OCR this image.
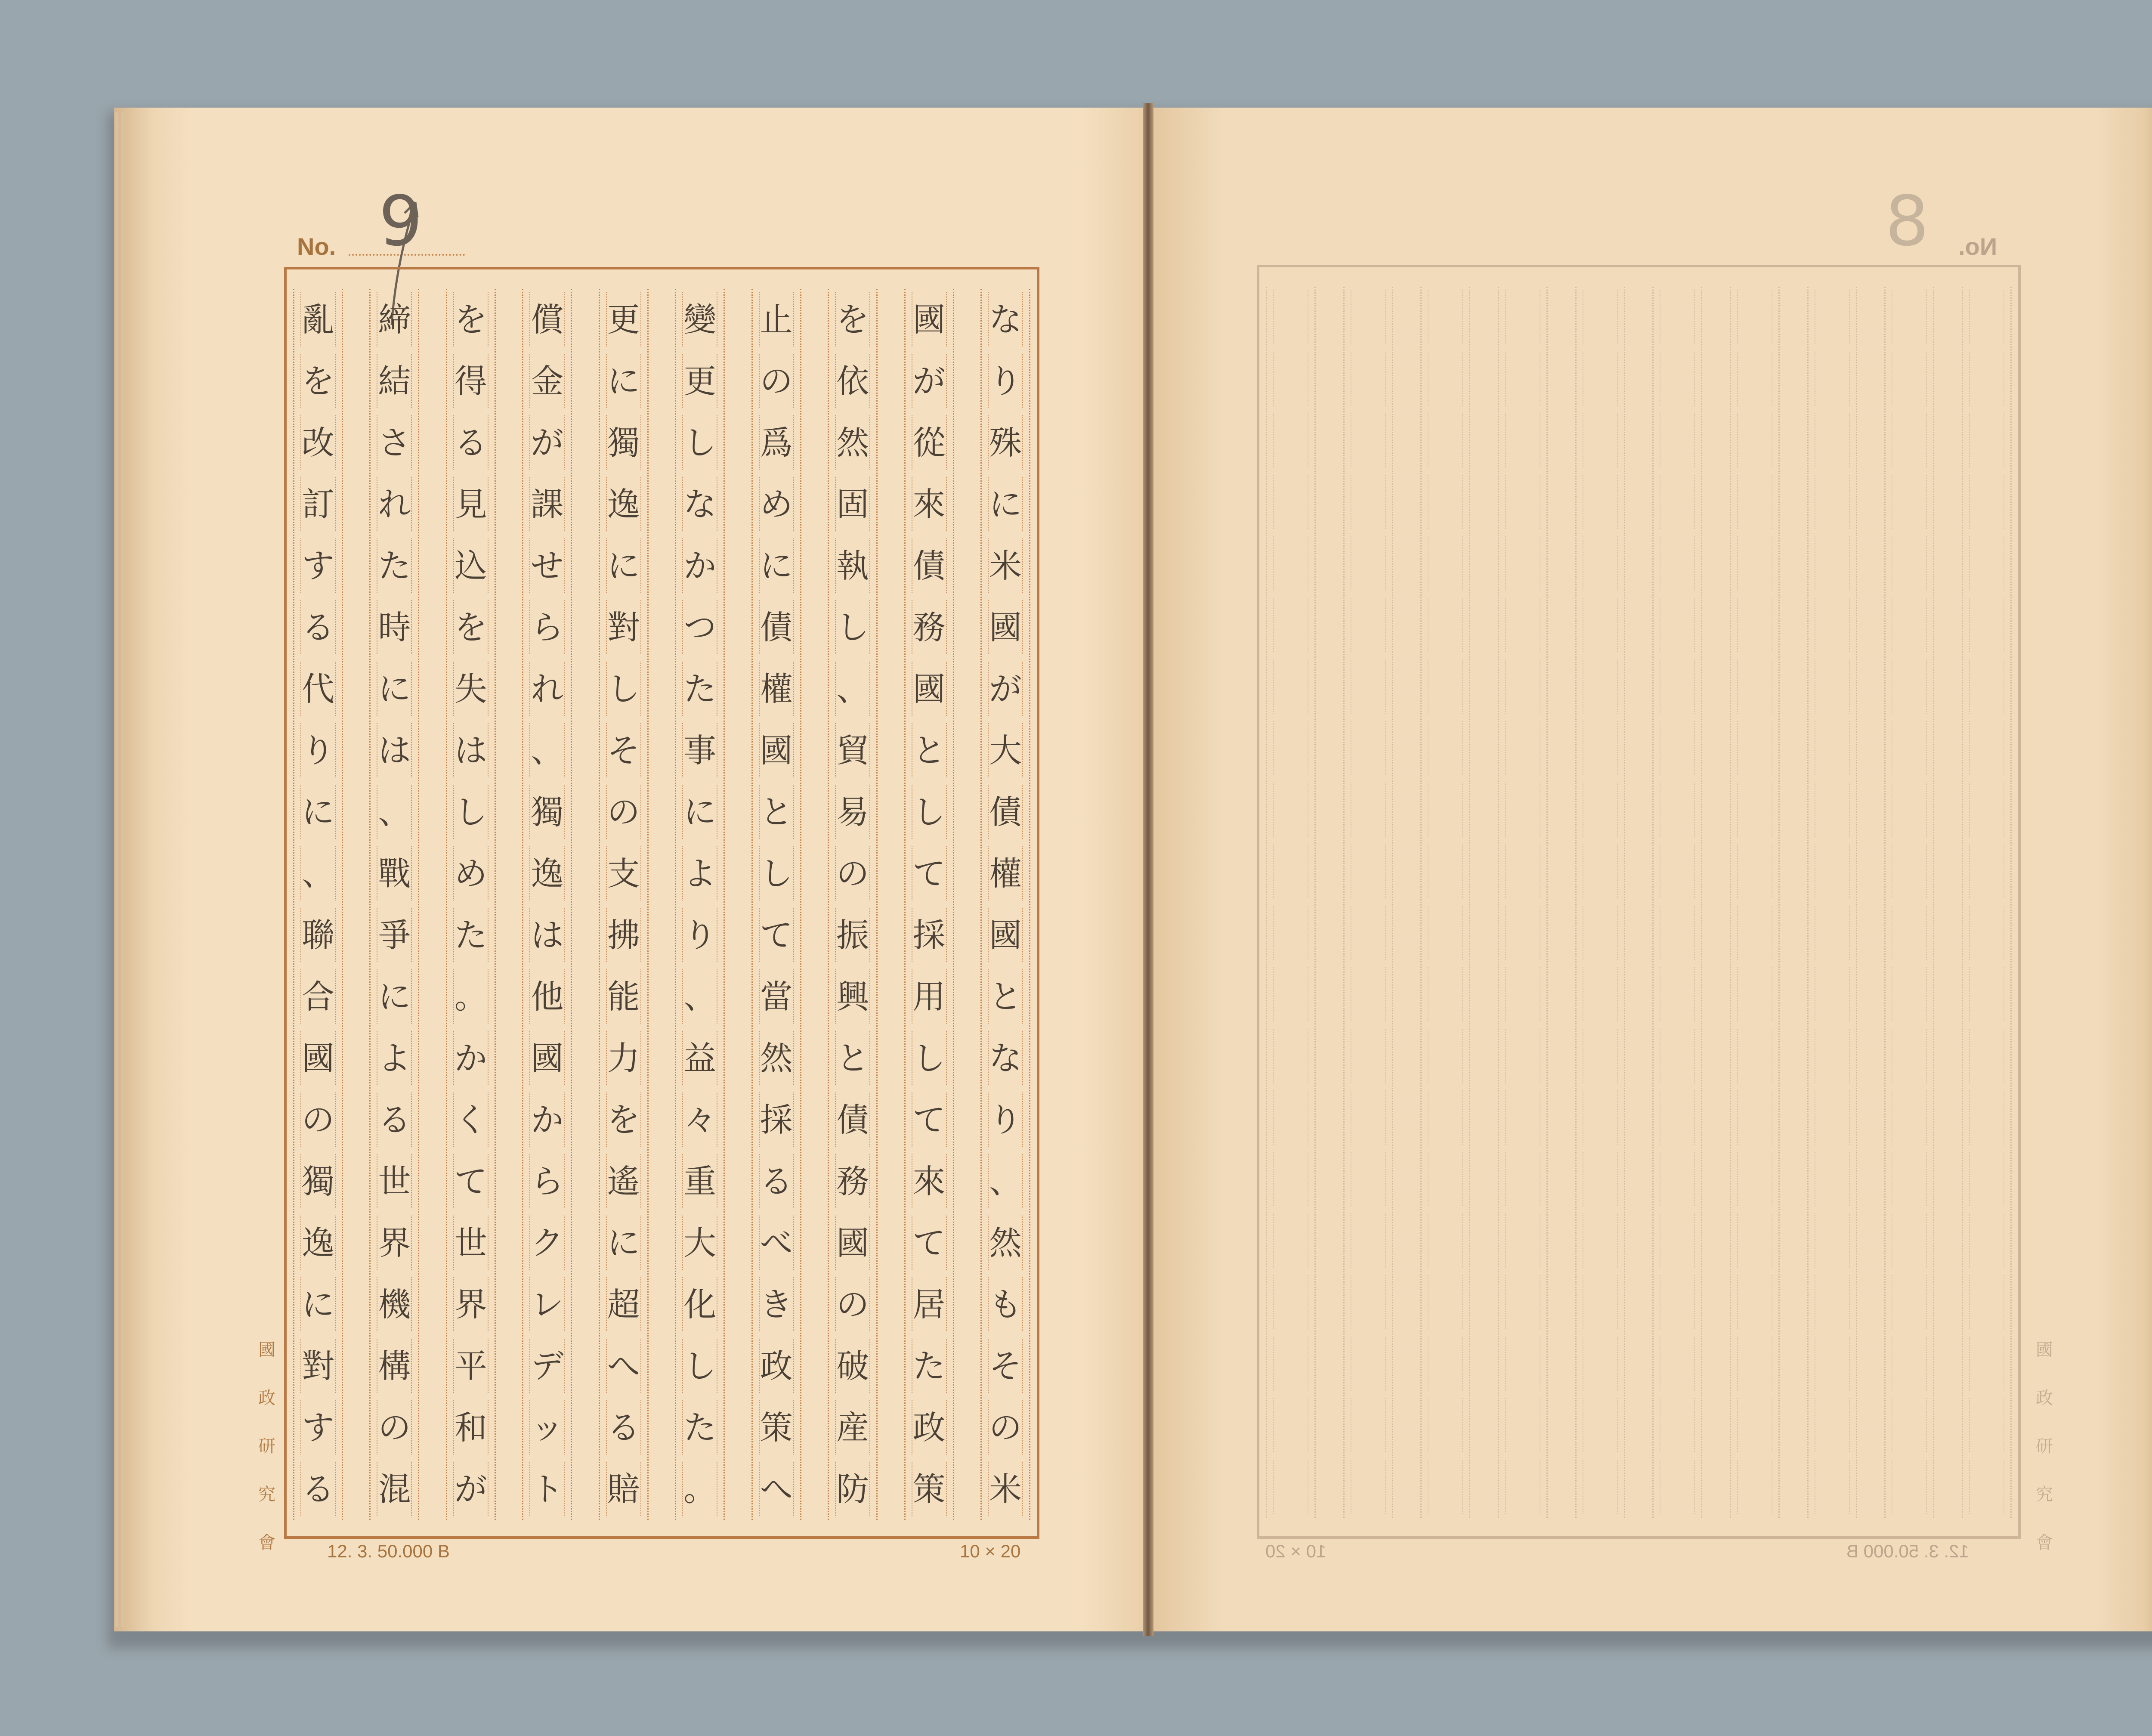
No. 9
な
り
殊
に
米
國
が
大
債
權
國
と
な
り
、
然
も
そ
の
米
國
が
從
來
債
務
國
と
し
て
採
用
し
て
來
て
居
た
政
策
を
依
然
固
執
し
、
貿
易
の
振
興
と
債
務
國
の
破
産
防
止
の
爲
め
に
債
權
國
と
し
て
當
然
採
る
べ
き
政
策
へ
變
更
し
な
か
つ
た
事
に
よ
り
、
益
々
重
大
化
し
た
。
更
に
獨
逸
に
對
し
そ
の
支
拂
能
力
を
遙
に
超
へ
る
賠
償
金
が
課
せ
ら
れ
、
獨
逸
は
他
國
か
ら
ク
レ
デ
ッ
ト
を
得
る
見
込
を
失
は
し
め
た
。
か
く
て
世
界
平
和
が
締
結
さ
れ
た
時
に
は
、
戰
爭
に
よ
る
世
界
機
構
の
混
亂
を
改
訂
す
る
代
り
に
、
聯
合
國
の
獨
逸
に
對
す
る
國
政
研
究
會	12. 3. 50.000 B	10 × 20
8 No.
國
政
研
究
會
12. 3. 50.000 B
10 × 20
